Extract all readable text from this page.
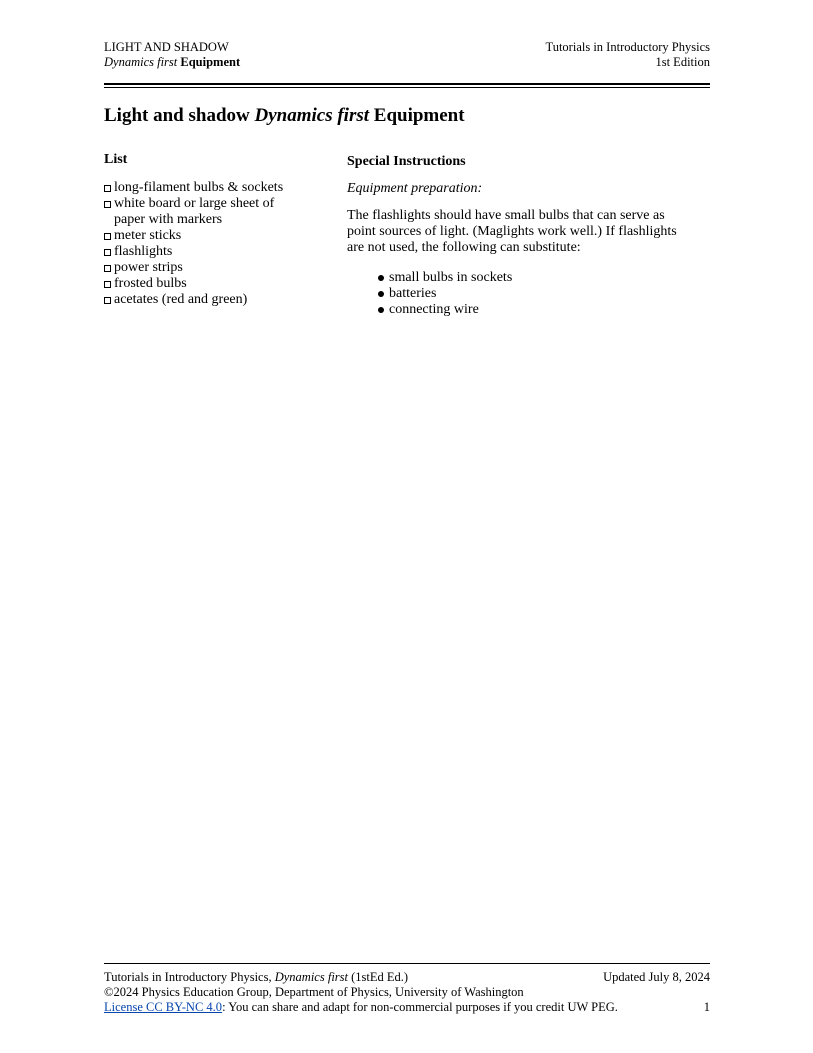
LIGHT AND SHADOW
Dynamics first Equipment
Tutorials in Introductory Physics
1st Edition
Light and shadow Dynamics first Equipment
List
long-filament bulbs & sockets
white board or large sheet of
paper with markers
meter sticks
flashlights
power strips
frosted bulbs
acetates (red and green)
Special Instructions
Equipment preparation:
The flashlights should have small bulbs that can serve as
point sources of light. (Maglights work well.) If flashlights
are not used, the following can substitute:
small bulbs in sockets
batteries
connecting wire
Tutorials in Introductory Physics, Dynamics first (1stEd Ed.)	Updated July 8, 2024
©2024 Physics Education Group, Department of Physics, University of Washington
License CC BY-NC 4.0: You can share and adapt for non-commercial purposes if you credit UW PEG.	1
